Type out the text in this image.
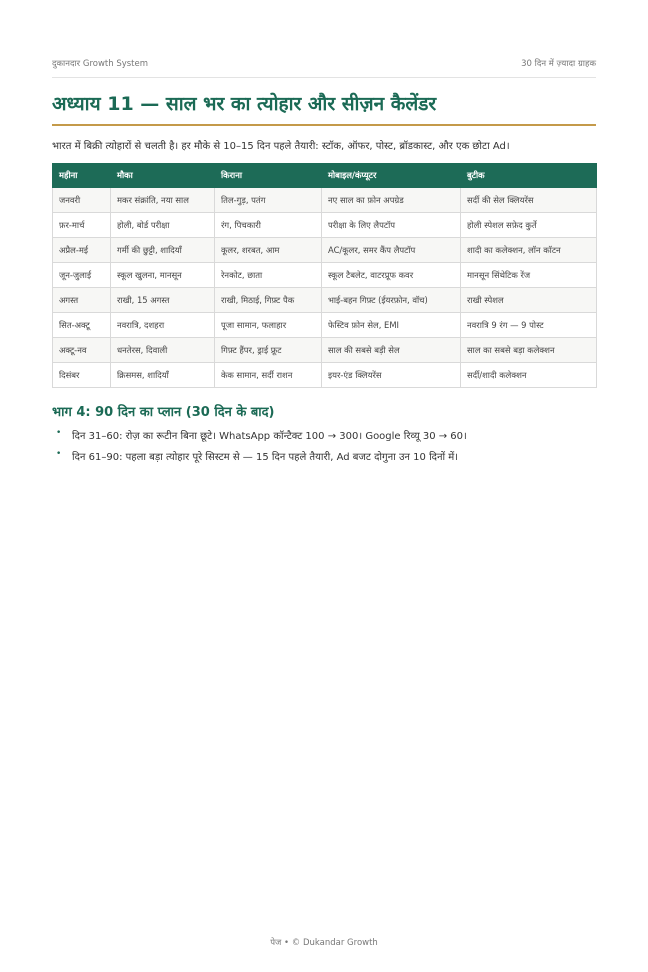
दुकानदार Growth System	30 दिन में ज़्यादा ग्राहक
अध्याय 11 — साल भर का त्योहार और सीज़न कैलेंडर
भारत में बिक्री त्योहारों से चलती है। हर मौके से 10–15 दिन पहले तैयारी: स्टॉक, ऑफर, पोस्ट, ब्रॉडकास्ट, और एक छोटा Ad।
महीना	मौका	किराना	मोबाइल/कंप्यूटर	बुटीक
जनवरी	मकर संक्रांति, नया साल	तिल-गुड़, पतंग	नए साल का फ़ोन अपग्रेड	सर्दी की सेल क्लियरेंस
फ़र-मार्च	होली, बोर्ड परीक्षा	रंग, पिचकारी	परीक्षा के लिए लैपटॉप	होली स्पेशल सफ़ेद कुर्ते
अप्रैल-मई	गर्मी की छुट्टी, शादियाँ	कूलर, शरबत, आम	AC/कूलर, समर कैंप लैपटॉप	शादी का कलेक्शन, लॉन कॉटन
जून-जुलाई	स्कूल खुलना, मानसून	रेनकोट, छाता	स्कूल टैबलेट, वाटरप्रूफ कवर	मानसून सिंथेटिक रेंज
अगस्त	राखी, 15 अगस्त	राखी, मिठाई, गिफ़्ट पैक	भाई-बहन गिफ़्ट (ईयरफ़ोन, वॉच)	राखी स्पेशल
सित-अक्टू	नवरात्रि, दशहरा	पूजा सामान, फलाहार	फेस्टिव फ़ोन सेल, EMI	नवरात्रि 9 रंग — 9 पोस्ट
अक्टू-नव	धनतेरस, दिवाली	गिफ़्ट हैंपर, ड्राई फ्रूट	साल की सबसे बड़ी सेल	साल का सबसे बड़ा कलेक्शन
दिसंबर	क्रिसमस, शादियाँ	केक सामान, सर्दी राशन	इयर-एंड क्लियरेंस	सर्दी/शादी कलेक्शन
भाग 4: 90 दिन का प्लान (30 दिन के बाद)
•	दिन 31–60: रोज़ का रूटीन बिना छूटे। WhatsApp कॉन्टैक्ट 100 → 300। Google रिव्यू 30 → 60।
•	दिन 61–90: पहला बड़ा त्योहार पूरे सिस्टम से — 15 दिन पहले तैयारी, Ad बजट दोगुना उन 10 दिनों में।
पेज • © Dukandar Growth
